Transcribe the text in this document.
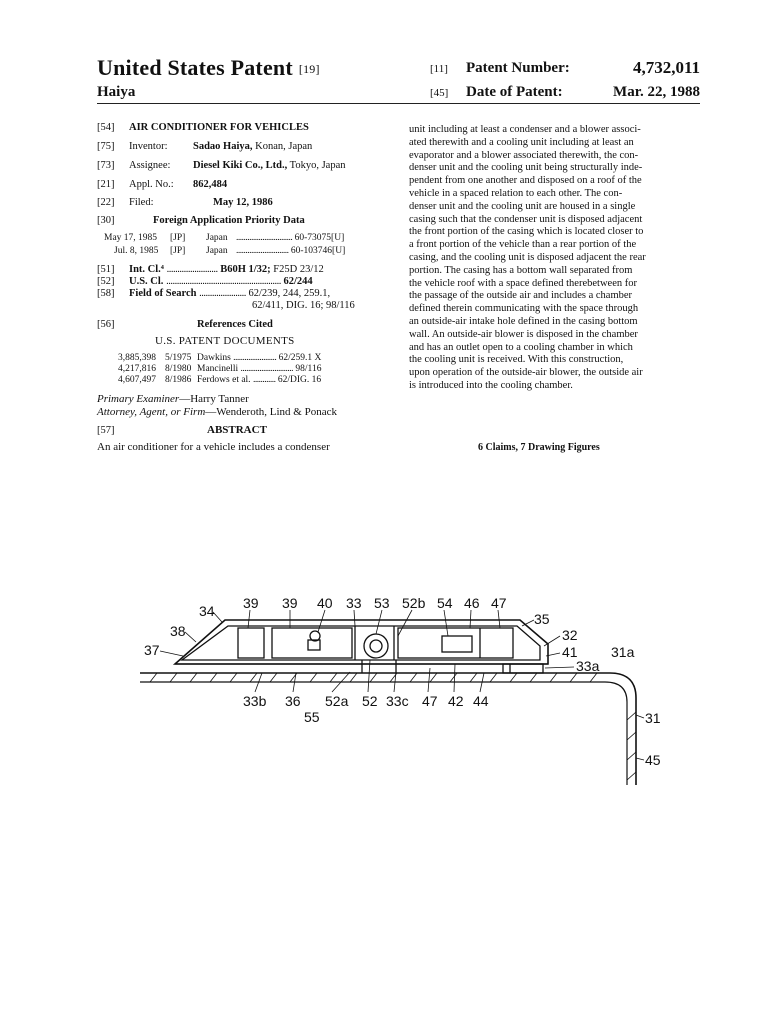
United States Patent [19]
Haiya
[11] Patent Number:	4,732,011
[45] Date of Patent:	Mar. 22, 1988
[54] AIR CONDITIONER FOR VEHICLES
[75] Inventor: Sadao Haiya, Konan, Japan
[73] Assignee: Diesel Kiki Co., Ltd., Tokyo, Japan
[21] Appl. No.: 862,484
[22] Filed:	May 12, 1986
[30]	Foreign Application Priority Data
May 17, 1985 [JP] Japan .............................. 60-73075[U]
Jul. 8, 1985 [JP] Japan ............................ 60-103746[U]
[51] Int. Cl.⁴ ........................ B60H 1/32; F25D 23/12
[52] U.S. Cl. ...................................................... 62/244
[58] Field of Search ...................... 62/239, 244, 259.1,
62/411, DIG. 16; 98/116
[56]	References Cited
U.S. PATENT DOCUMENTS
3,885,398 5/1975 Dawkins ....................... 62/259.1 X
4,217,816 8/1980 Mancinelli ............................ 98/116
4,607,497 8/1986 Ferdows et al. ............ 62/DIG. 16
Primary Examiner—Harry Tanner
Attorney, Agent, or Firm—Wenderoth, Lind & Ponack
[57]	ABSTRACT
An air conditioner for a vehicle includes a condenser
unit including at least a condenser and a blower associ-
ated therewith and a cooling unit including at least an
evaporator and a blower associated therewith, the con-
denser unit and the cooling unit being structurally inde-
pendent from one another and disposed on a roof of the
vehicle in a spaced relation to each other. The con-
denser unit and the cooling unit are housed in a single
casing such that the condenser unit is disposed adjacent
the front portion of the casing which is located closer to
a front portion of the vehicle than a rear portion of the
casing, and the cooling unit is disposed adjacent the rear
portion. The casing has a bottom wall separated from
the vehicle roof with a space defined therebetween for
the passage of the outside air and includes a chamber
defined therein communicating with the space through
an outside-air intake hole defined in the casing bottom
wall. An outside-air blower is disposed in the chamber
and has an outlet open to a cooling chamber in which
the cooling unit is received. With this construction,
upon operation of the outside-air blower, the outside air
is introduced into the cooling chamber.
6 Claims, 7 Drawing Figures
39 39 40 33 53 52b 54 46 47
34
38
37
35
32
41 31a
33a
31
45
33b 36 52a 52 33c 47 42 44
55
